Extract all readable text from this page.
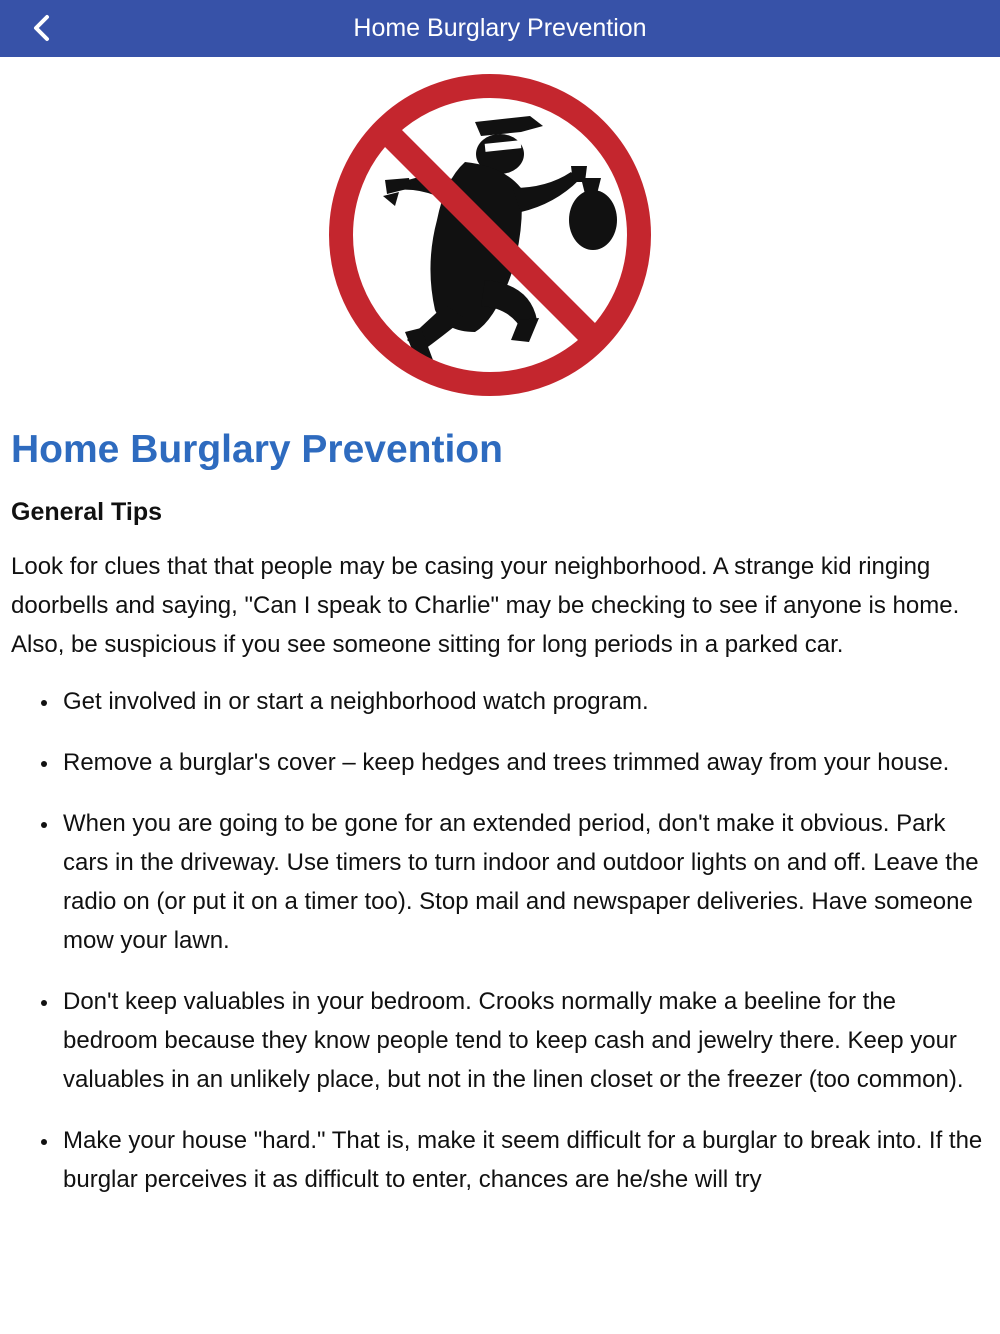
Home Burglary Prevention
Home Burglary Prevention
General Tips

Look for clues that that people may be casing your neighborhood. A strange kid ringing doorbells and saying, "Can I speak to Charlie" may be checking to see if anyone is home. Also, be suspicious if you see someone sitting for long periods in a parked car.

Get involved in or start a neighborhood watch program.
Remove a burglar's cover – keep hedges and trees trimmed away from your house.
When you are going to be gone for an extended period, don't make it obvious. Park cars in the driveway. Use timers to turn indoor and outdoor lights on and off. Leave the radio on (or put it on a timer too). Stop mail and newspaper deliveries. Have someone mow your lawn.
Don't keep valuables in your bedroom. Crooks normally make a beeline for the bedroom because they know people tend to keep cash and jewelry there. Keep your valuables in an unlikely place, but not in the linen closet or the freezer (too common).
Make your house "hard." That is, make it seem difficult for a burglar to break into. If the burglar perceives it as difficult to enter, chances are he/she will try
